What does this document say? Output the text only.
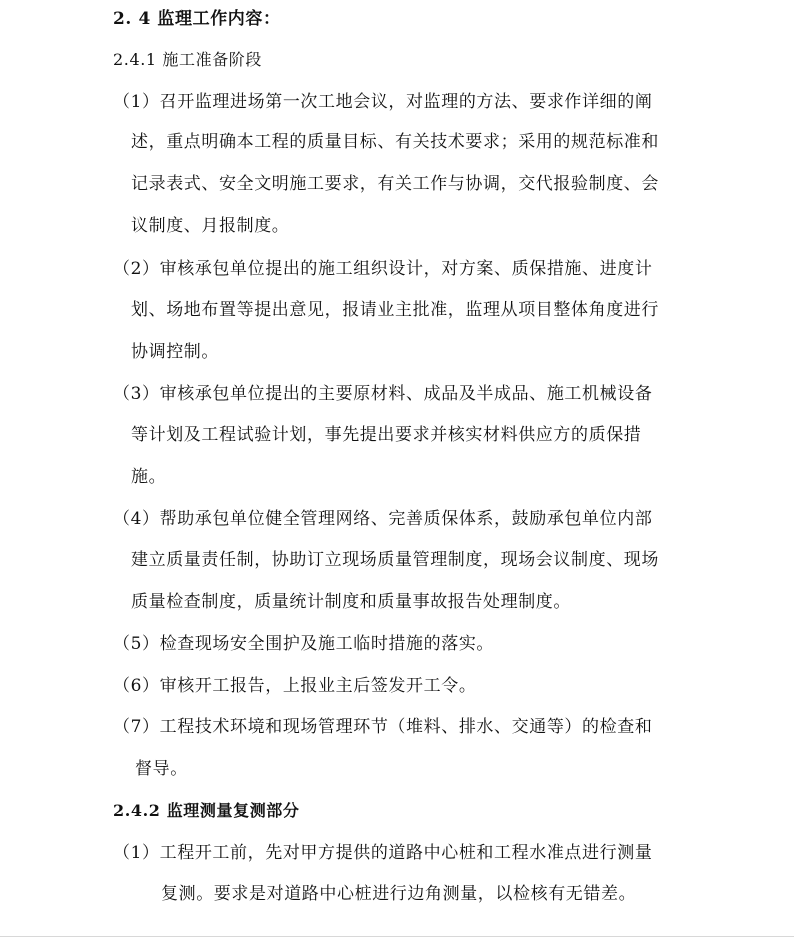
2. 4 监理工作内容：
2.4.1 施工准备阶段
（1）召开监理进场第一次工地会议，对监理的方法、要求作详细的阐
述，重点明确本工程的质量目标、有关技术要求；采用的规范标准和
记录表式、安全文明施工要求，有关工作与协调，交代报验制度、会
议制度、月报制度。
（2）审核承包单位提出的施工组织设计，对方案、质保措施、进度计
划、场地布置等提出意见，报请业主批准，监理从项目整体角度进行
协调控制。
（3）审核承包单位提出的主要原材料、成品及半成品、施工机械设备
等计划及工程试验计划，事先提出要求并核实材料供应方的质保措
施。
（4）帮助承包单位健全管理网络、完善质保体系，鼓励承包单位内部
建立质量责任制，协助订立现场质量管理制度，现场会议制度、现场
质量检查制度，质量统计制度和质量事故报告处理制度。
（5）检查现场安全围护及施工临时措施的落实。
（6）审核开工报告，上报业主后签发开工令。
（7）工程技术环境和现场管理环节（堆料、排水、交通等）的检查和
督导。
2.4.2 监理测量复测部分
（1）工程开工前，先对甲方提供的道路中心桩和工程水准点进行测量
复测。要求是对道路中心桩进行边角测量，以检核有无错差。
